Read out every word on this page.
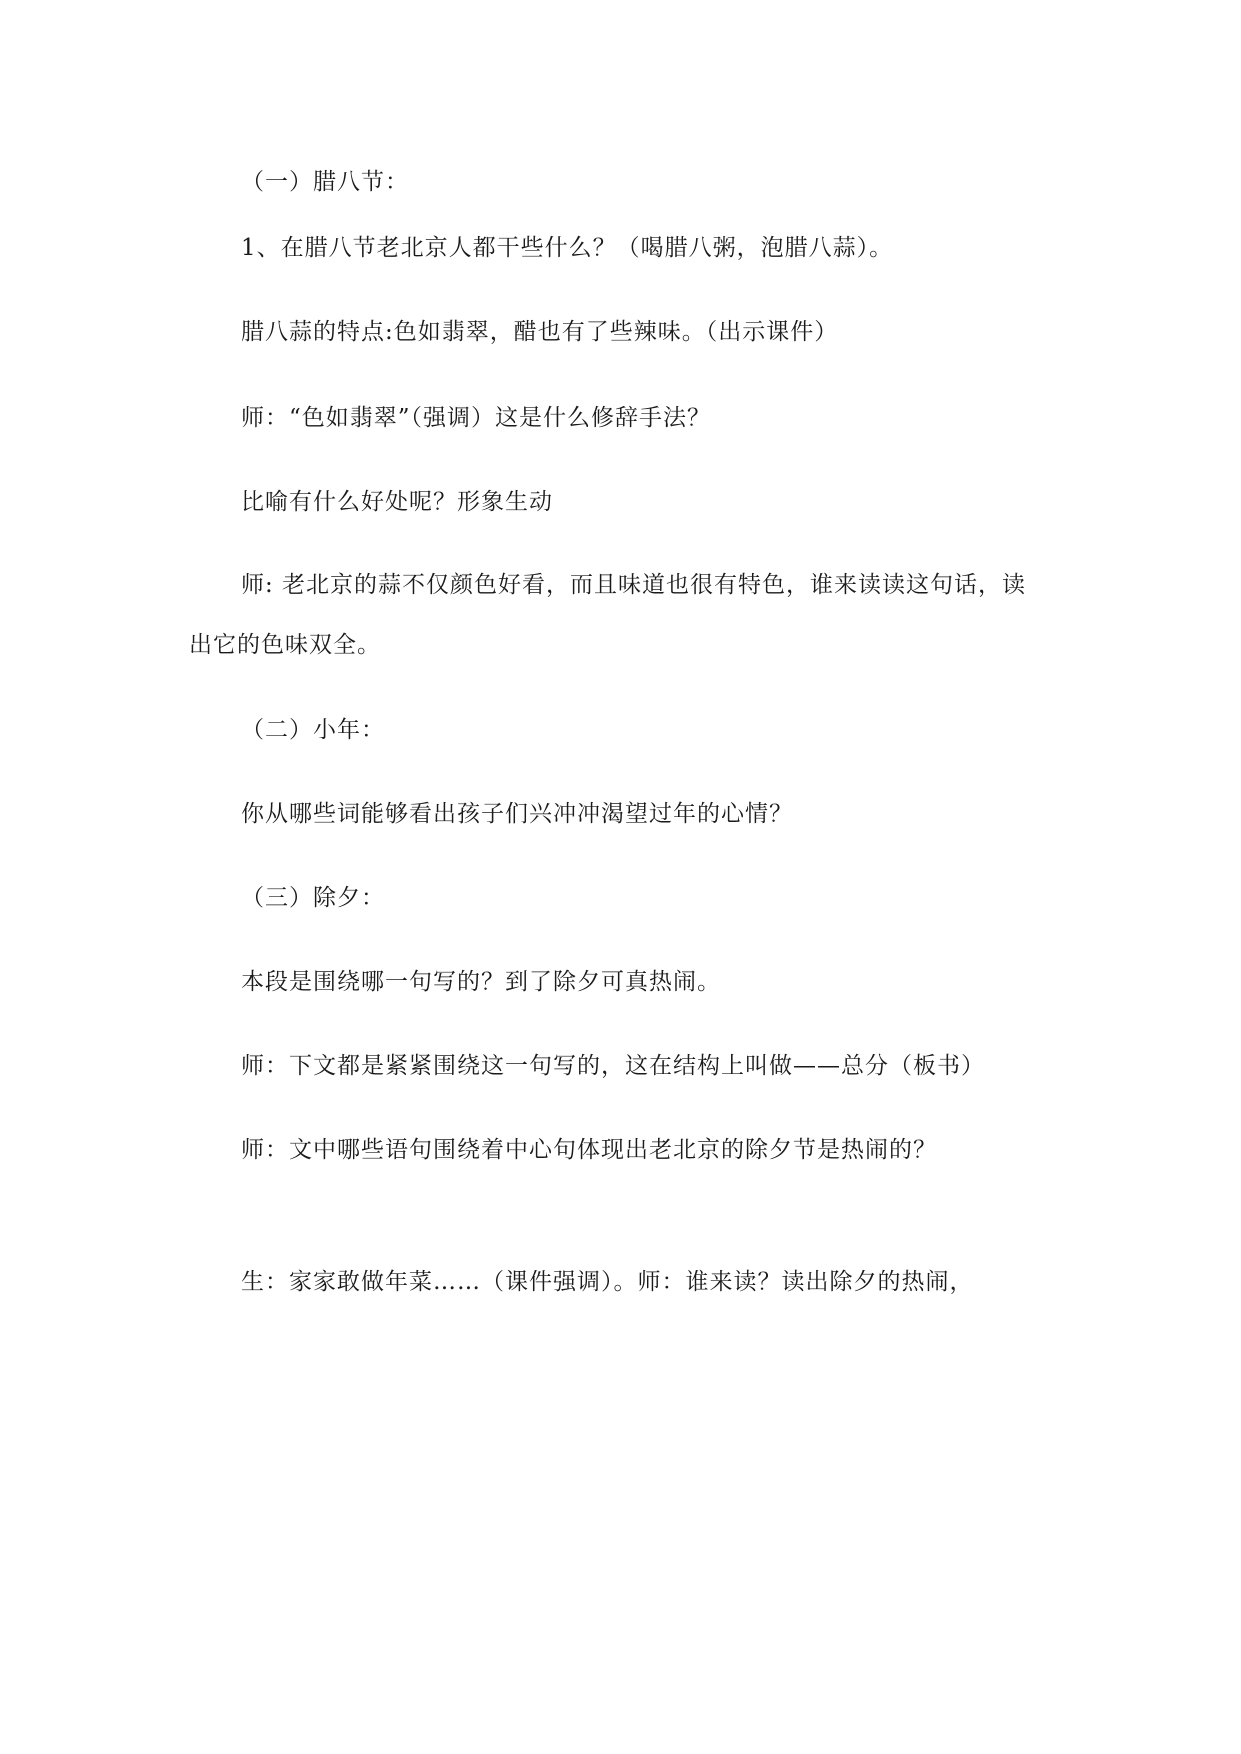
（一）腊八节：
1、在腊八节老北京人都干些什么？（喝腊八粥，泡腊八蒜）。
腊八蒜的特点:色如翡翠，醋也有了些辣味。（出示课件）
师：“色如翡翠”（强调）这是什么修辞手法？
比喻有什么好处呢？形象生动
师: 老北京的蒜不仅颜色好看，而且味道也很有特色，谁来读读这句话，读
出它的色味双全。
（二）小年：
你从哪些词能够看出孩子们兴冲冲渴望过年的心情？
（三）除夕：
本段是围绕哪一句写的？到了除夕可真热闹。
师：下文都是紧紧围绕这一句写的，这在结构上叫做——总分（板书）
师：文中哪些语句围绕着中心句体现出老北京的除夕节是热闹的？
生：家家敢做年菜……（课件强调）。师：谁来读？读出除夕的热闹，
